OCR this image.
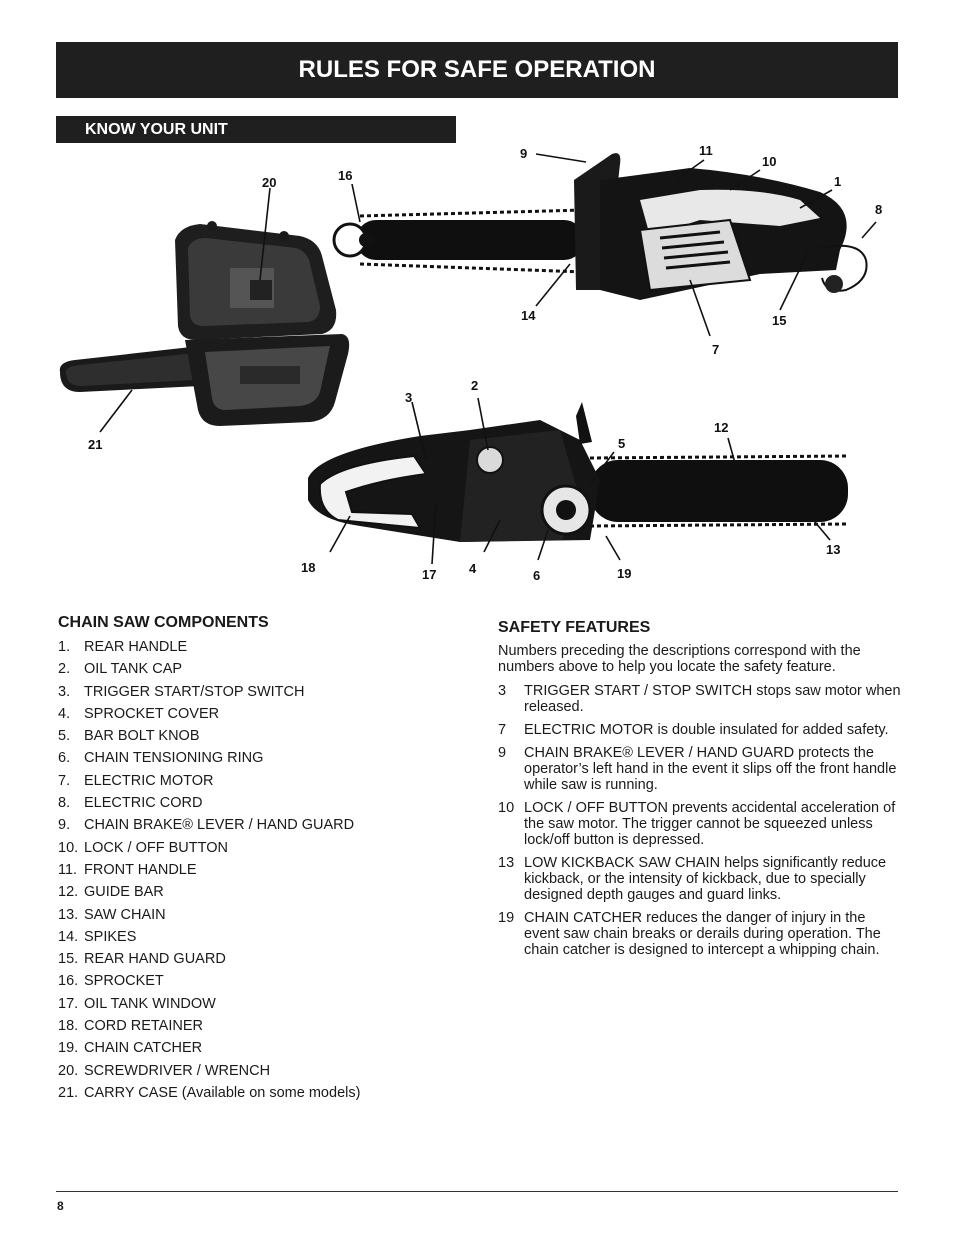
RULES FOR SAFE OPERATION
KNOW YOUR UNIT
1
2
3
4
5
6
7
8
9
10
11
12
13
14	15
16
17
18	19
20
21
CHAIN SAW COMPONENTS
1. REAR HANDLE
2. OIL TANK CAP
3. TRIGGER START/STOP SWITCH
4. SPROCKET COVER
5. BAR BOLT KNOB
6. CHAIN TENSIONING RING
7. ELECTRIC MOTOR
8. ELECTRIC CORD
9. CHAIN BRAKE® LEVER / HAND GUARD
10. LOCK / OFF BUTTON
11. FRONT HANDLE
12. GUIDE BAR
13. SAW CHAIN
14. SPIKES
15. REAR HAND GUARD
16. SPROCKET
17. OIL TANK WINDOW
18. CORD RETAINER
19. CHAIN CATCHER
20. SCREWDRIVER / WRENCH
21. CARRY CASE (Available on some models)
SAFETY FEATURES

Numbers preceding the descriptions correspond with the numbers above to help you locate the safety feature.

3	TRIGGER START / STOP SWITCH stops saw motor when released.
7	ELECTRIC MOTOR is double insulated for added safety.
9	CHAIN BRAKE® LEVER / HAND GUARD protects the operator’s left hand in the event it slips off the front handle while saw is running.
10 LOCK / OFF BUTTON prevents accidental acceleration of the saw motor. The trigger cannot be squeezed unless lock/off button is depressed.
13 LOW KICKBACK SAW CHAIN helps significantly reduce kickback, or the intensity of kickback, due to specially designed depth gauges and guard links.
19 CHAIN CATCHER reduces the danger of injury in the event saw chain breaks or derails during operation. The chain catcher is designed to intercept a whipping chain.
8
